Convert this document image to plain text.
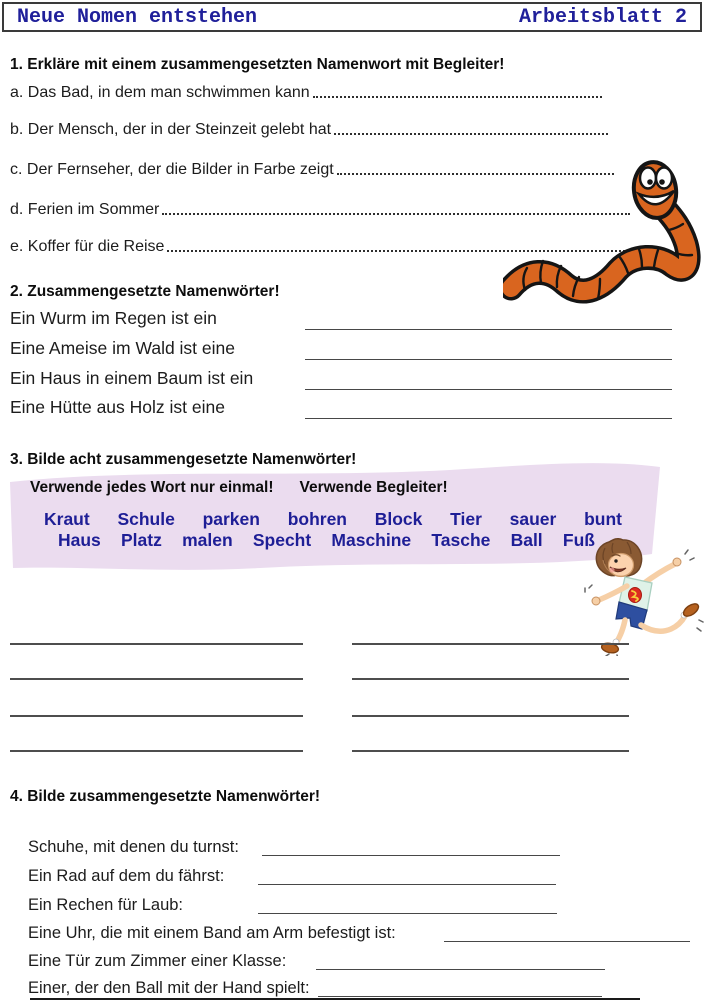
Neue Nomen entstehen	Arbeitsblatt 2
1. Erkläre mit einem zusammengesetzten Namenwort mit Begleiter!
a. Das Bad, in dem man schwimmen kann
b. Der Mensch, der in der Steinzeit gelebt hat
c. Der Fernseher, der die Bilder in Farbe zeigt
d. Ferien im Sommer
e. Koffer für die Reise
2. Zusammengesetzte Namenwörter!
Ein Wurm im Regen ist ein
Eine Ameise im Wald ist eine
Ein Haus in einem Baum ist ein
Eine Hütte aus Holz ist eine
3. Bilde acht zusammengesetzte Namenwörter!
Verwende jedes Wort nur einmal! Verwende Begleiter!
Kraut Schule parken bohren Block Tier sauer bunt
Haus Platz malen Specht Maschine Tasche Ball Fuß
4. Bilde zusammengesetzte Namenwörter!
Schuhe, mit denen du turnst:
Ein Rad auf dem du fährst:
Ein Rechen für Laub:
Eine Uhr, die mit einem Band am Arm befestigt ist:
Eine Tür zum Zimmer einer Klasse:
Einer, der den Ball mit der Hand spielt:
